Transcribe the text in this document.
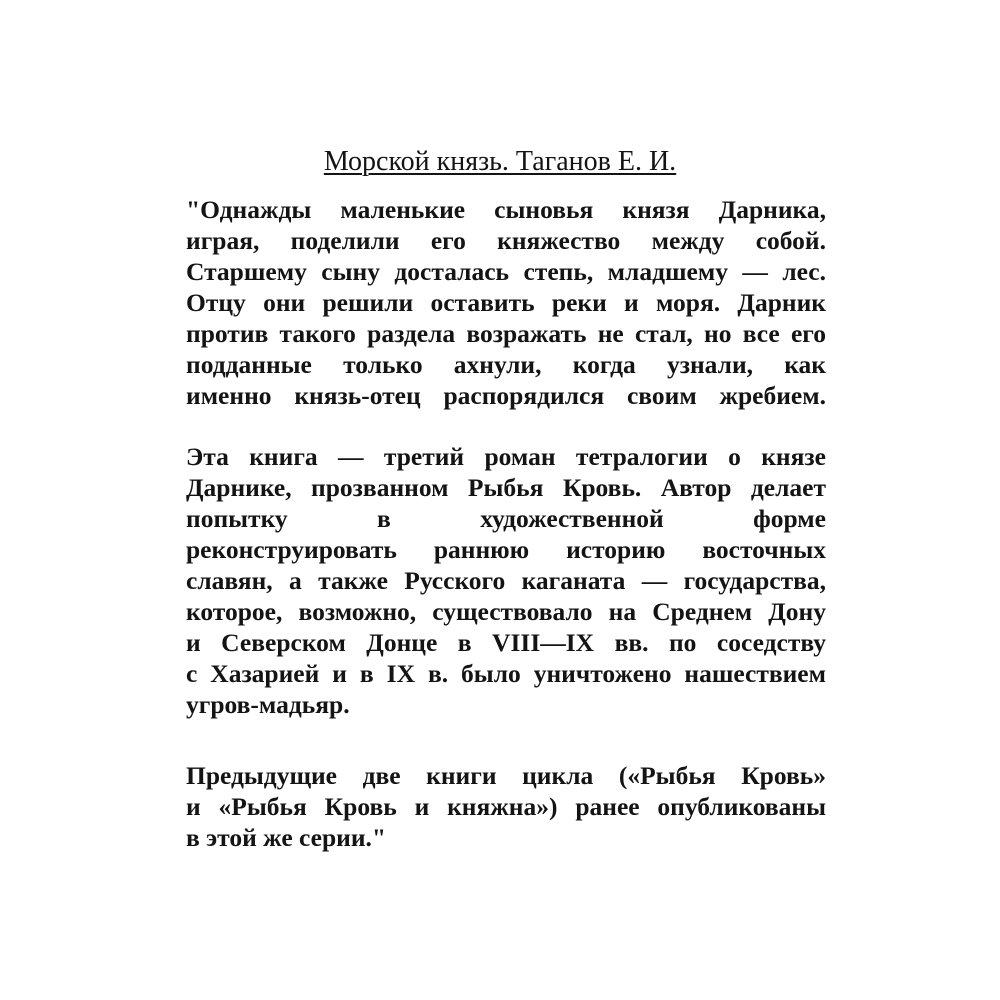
Морской князь. Таганов Е. И.
"Однажды маленькие сыновья князя Дарника,
играя, поделили его княжество между собой.
Старшему сыну досталась степь, младшему — лес.
Отцу они решили оставить реки и моря. Дарник
против такого раздела возражать не стал, но все его
подданные только ахнули, когда узнали, как
именно князь-отец распорядился своим жребием.
Эта книга — третий роман тетралогии о князе
Дарнике, прозванном Рыбья Кровь. Автор делает
попытку в художественной форме
реконструировать раннюю историю восточных
славян, а также Русского каганата — государства,
которое, возможно, существовало на Среднем Дону
и Северском Донце в VIII—IX вв. по соседству
с Хазарией и в IX в. было уничтожено нашествием
угров-мадьяр.
Предыдущие две книги цикла («Рыбья Кровь»
и «Рыбья Кровь и княжна») ранее опубликованы
в этой же серии."
